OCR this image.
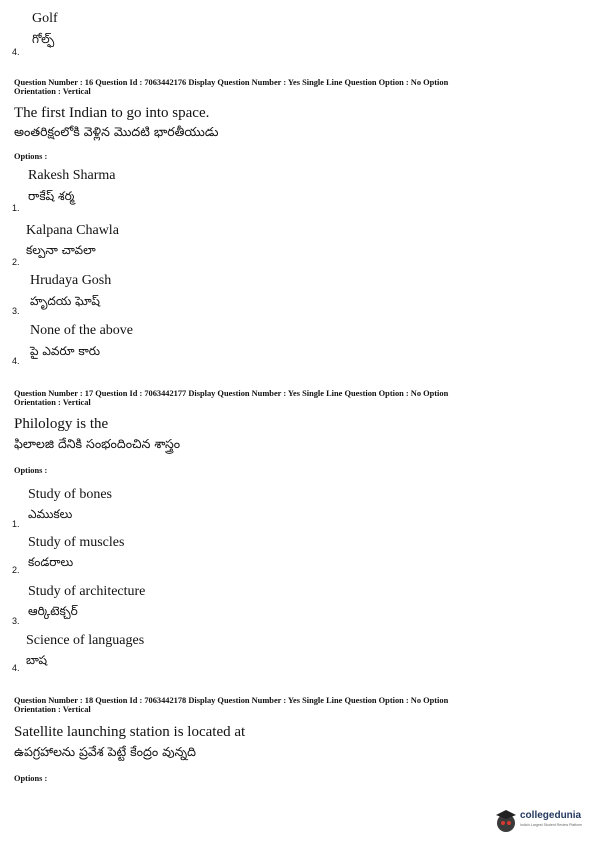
Golf
గోల్ఫ్
4.
Question Number : 16 Question Id : 7063442176 Display Question Number : Yes Single Line Question Option : No Option
Orientation : Vertical
The first Indian to go into space.
అంతరిక్షంలోకి వెళ్లిన మొదటి భారతీయుడు
Options :
Rakesh Sharma
రాకేష్ శర్మ
1.
Kalpana Chawla
కల్పనా చావలా
2.
Hrudaya Gosh
హృదయ ఘోష్
3.
None of the above
పై ఎవరూ కారు
4.
Question Number : 17 Question Id : 7063442177 Display Question Number : Yes Single Line Question Option : No Option
Orientation : Vertical
Philology is the
ఫిలాలజి దేనికి సంభందించిన శాస్త్రం
Options :
Study of bones
ఎముకలు
1.
Study of muscles
కండరాలు
2.
Study of architecture
ఆర్కిటెక్చర్
3.
Science of languages
బాష
4.
Question Number : 18 Question Id : 7063442178 Display Question Number : Yes Single Line Question Option : No Option
Orientation : Vertical
Satellite launching station is located at
ఉపగ్రహాలను ప్రవేశ పెట్టే కేంద్రం వున్నది
Options :
collegedunia
India's Largest Student Review Platform
